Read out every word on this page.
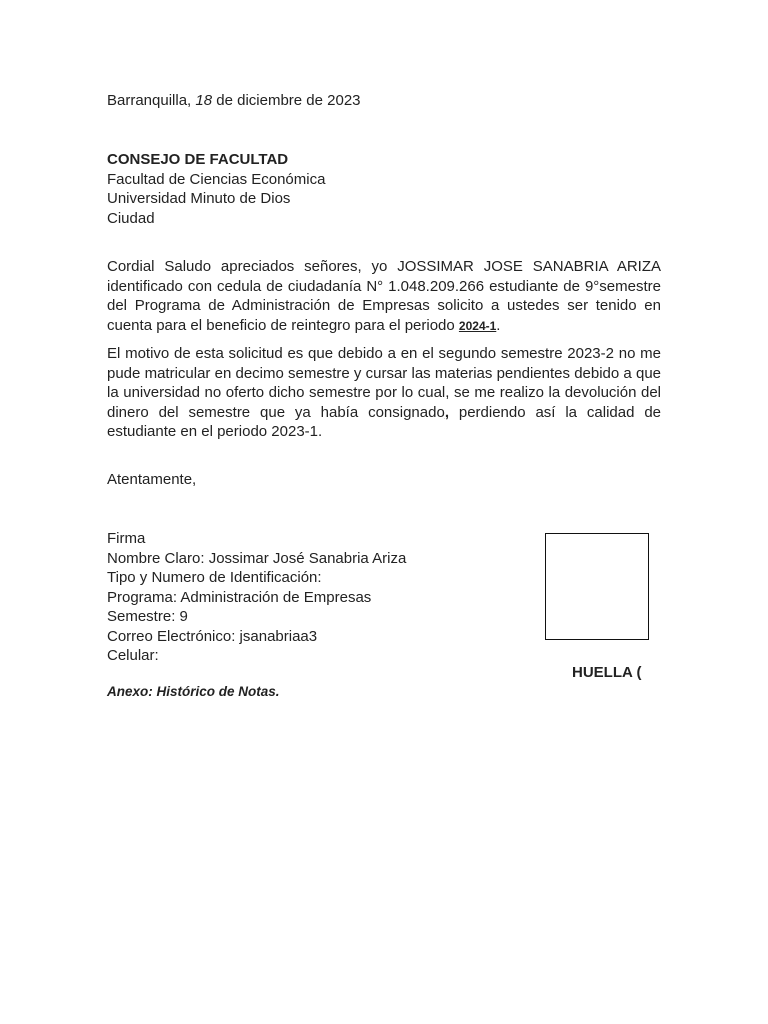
Barranquilla, 18 de diciembre de 2023

CONSEJO DE FACULTAD
Facultad de Ciencias Económica
Universidad Minuto de Dios
Ciudad

Cordial Saludo apreciados señores, yo JOSSIMAR JOSE SANABRIA ARIZA identificado con cedula de ciudadanía N° 1.048.209.266 estudiante de 9°semestre del Programa de Administración de Empresas solicito a ustedes ser tenido en cuenta para el beneficio de reintegro para el periodo 2024-1.

El motivo de esta solicitud es que debido a en el segundo semestre 2023-2 no me pude matricular en decimo semestre y cursar las materias pendientes debido a que la universidad no oferto dicho semestre por lo cual, se me realizo la devolución del dinero del semestre que ya había consignado, perdiendo así la calidad de estudiante en el periodo 2023-1.

Atentamente,

Firma
Nombre Claro: Jossimar José Sanabria Ariza
Tipo y Numero de Identificación:
Programa: Administración de Empresas
Semestre: 9
Correo Electrónico: jsanabriaa3
Celular:
HUELLA (
Anexo: Histórico de Notas.
